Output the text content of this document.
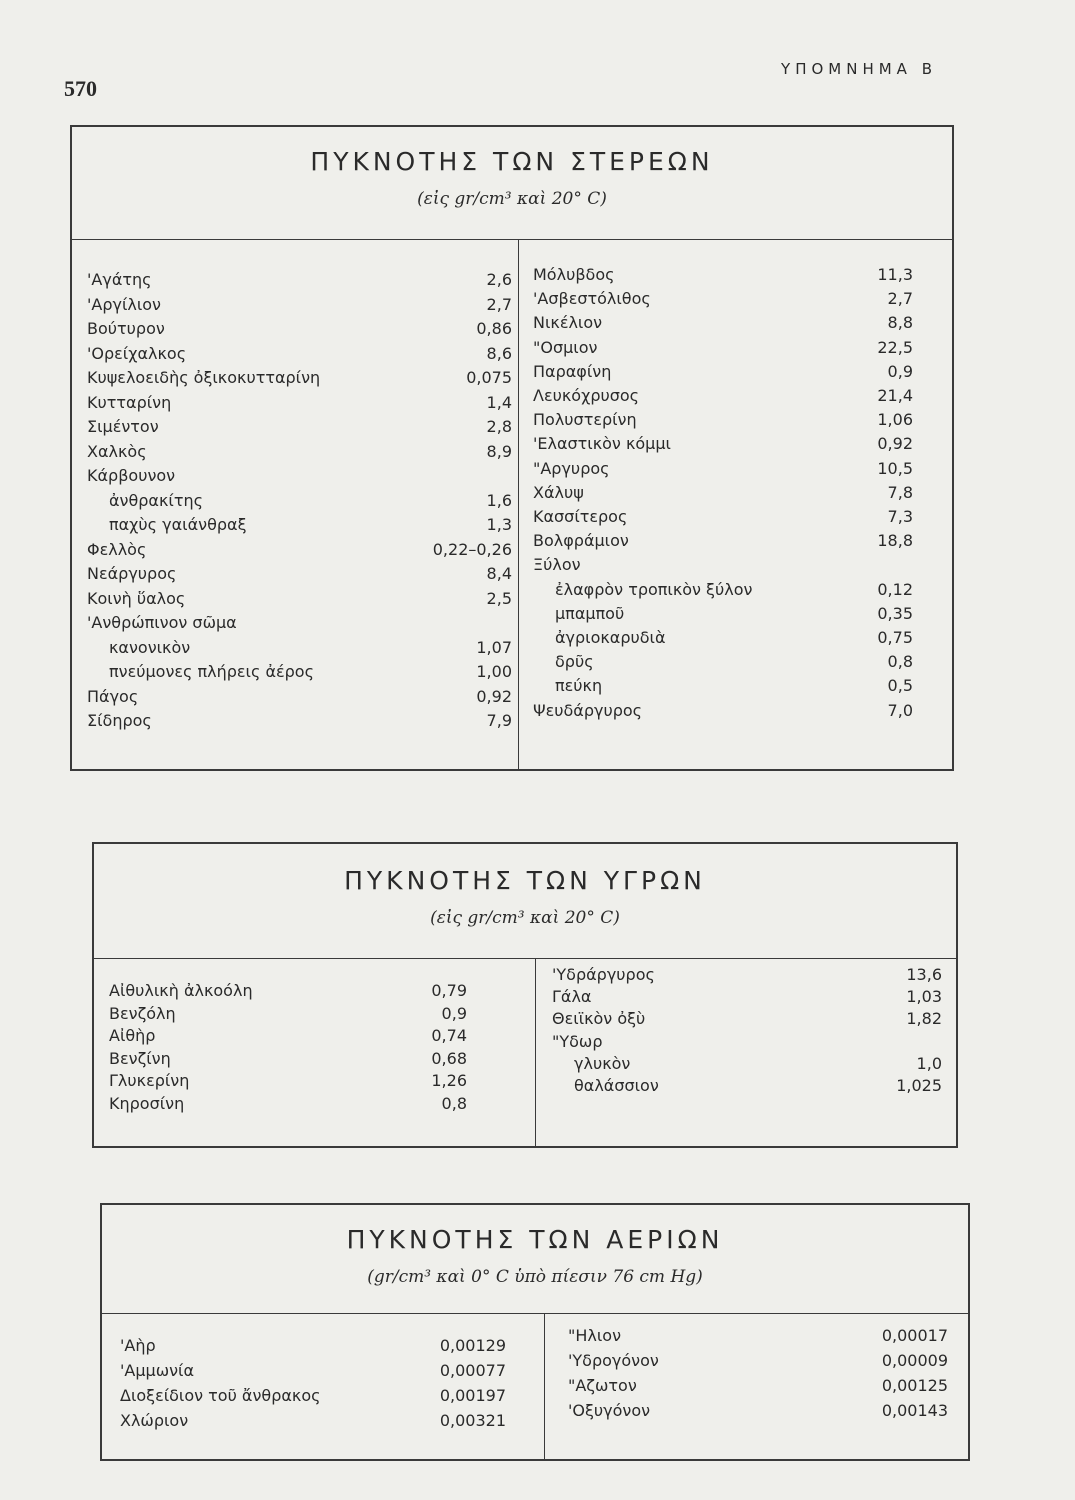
570
ΥΠΟΜΝΗΜΑ Β
ΠΥΚΝΟΤΗΣ ΤΩΝ ΣΤΕΡΕΩΝ
(εἰς gr/cm³ καὶ 20° C)
'Αγάτης	2,6
'Αργίλιον	2,7
Βούτυρον	0,86
'Ορείχαλκος	8,6
Κυψελοειδὴς ὀξικοκυτταρίνη	0,075
Κυτταρίνη	1,4
Σιμέντον	2,8
Χαλκὸς	8,9
Κάρβουνον
ἀνθρακίτης	1,6
παχὺς γαιάνθραξ	1,3
Φελλὸς	0,22–0,26
Νεάργυρος	8,4
Κοινὴ ὕαλος	2,5
'Ανθρώπινον σῶμα
κανονικὸν	1,07
πνεύμονες πλήρεις ἀέρος	1,00
Πάγος	0,92
Σίδηρος	7,9
Μόλυβδος	11,3
'Ασβεστόλιθος	2,7
Νικέλιον	8,8
"Οσμιον	22,5
Παραφίνη	0,9
Λευκόχρυσος	21,4
Πολυστερίνη	1,06
'Ελαστικὸν κόμμι	0,92
"Αργυρος	10,5
Χάλυψ	7,8
Κασσίτερος	7,3
Βολφράμιον	18,8
Ξύλον
ἐλαφρὸν τροπικὸν ξύλον	0,12
μπαμποῦ	0,35
ἀγριοκαρυδιὰ	0,75
δρῦς	0,8
πεύκη	0,5
Ψευδάργυρος	7,0
ΠΥΚΝΟΤΗΣ ΤΩΝ ΥΓΡΩΝ
(εἰς gr/cm³ καὶ 20° C)
Αἰθυλικὴ ἀλκοόλη	0,79
Βενζόλη	0,9
Αἰθὴρ	0,74
Βενζίνη	0,68
Γλυκερίνη	1,26
Κηροσίνη	0,8
'Υδράργυρος	13,6
Γάλα	1,03
Θειϊκὸν ὀξὺ	1,82
"Υδωρ
γλυκὸν	1,0
θαλάσσιον	1,025
ΠΥΚΝΟΤΗΣ ΤΩΝ ΑΕΡΙΩΝ
(gr/cm³ καὶ 0° C ὑπὸ πίεσιν 76 cm Hg)
'Αὴρ	0,00129
'Αμμωνία	0,00077
Διοξείδιον τοῦ ἄνθρακος	0,00197
Χλώριον	0,00321
"Ηλιον	0,00017
'Υδρογόνον	0,00009
"Αζωτον	0,00125
'Οξυγόνον	0,00143
